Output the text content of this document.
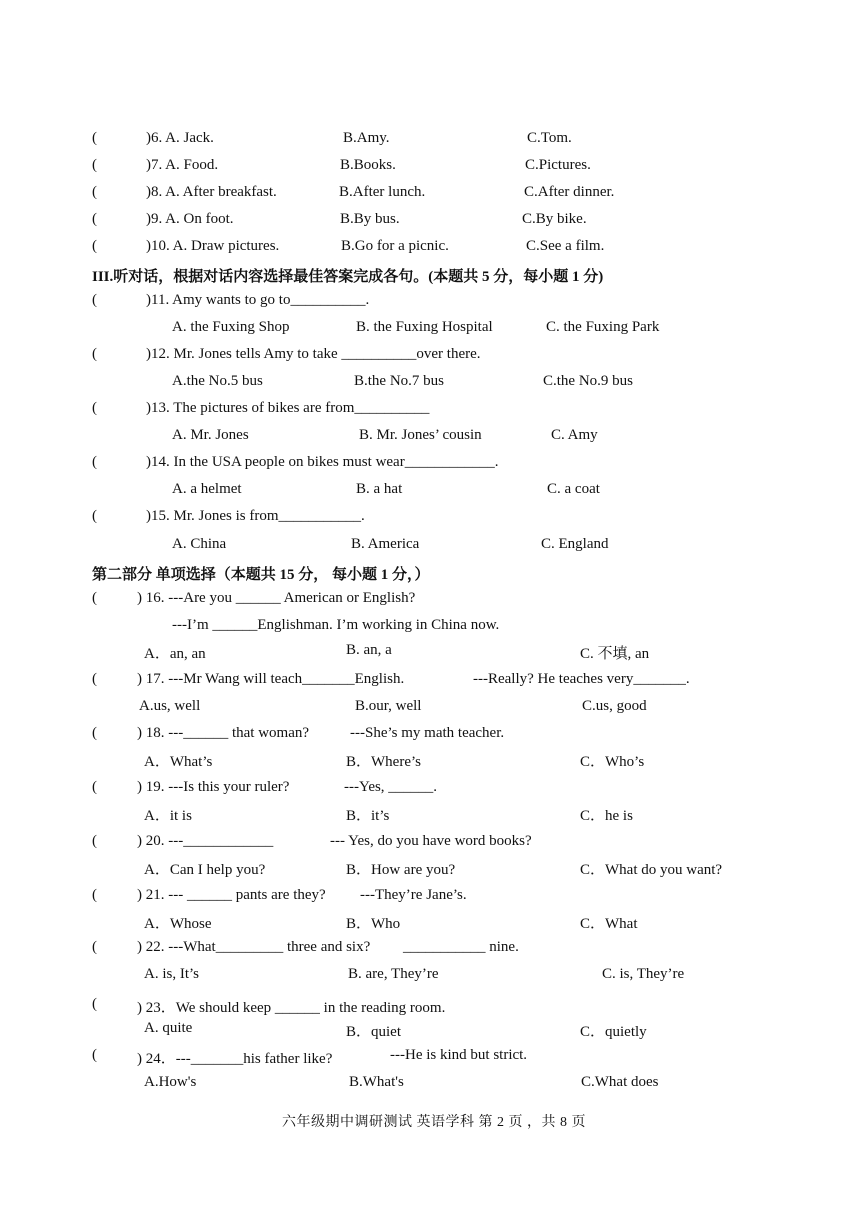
(	)6. A. Jack.	B.Amy.	C.Tom.
(	)7. A. Food.	B.Books.	C.Pictures.
(	)8. A. After breakfast.	B.After lunch.	C.After dinner.
(	)9. A. On foot.	B.By bus.	C.By bike.
(	)10. A. Draw pictures.	B.Go for a picnic.	C.See a film.
III.听对话，根据对话内容选择最佳答案完成各句。(本题共 5 分，每小题 1 分)
(	)11. Amy wants to go to__________.
A. the Fuxing Shop	B. the Fuxing Hospital	C. the Fuxing Park
(	)12. Mr. Jones tells Amy to take __________over there.
A.the No.5 bus	B.the No.7 bus	C.the No.9 bus
(	)13. The pictures of bikes are from__________
A. Mr. Jones	B. Mr. Jones’ cousin	C. Amy
(	)14. In the USA people on bikes must wear____________.
A. a helmet	B. a hat	C. a coat
(	)15. Mr. Jones is from___________.
A. China	B. America	C. England
第二部分 单项选择（本题共 15 分， 每小题 1 分，）
(	) 16. ---Are you ______ American or English?
---I’m ______Englishman. I’m working in China now.
A．an, an	B. an, a	C. 不填, an
(	) 17. ---Mr Wang will teach_______English.	---Really? He teaches very_______.
A.us, well	B.our, well	C.us, good
(	) 18. ---______ that woman?	---She’s my math teacher.
A．What’s	B．Where’s	C．Who’s
(	) 19. ---Is this your ruler?	---Yes, ______.
A．it is	B．it’s	C．he is
(	) 20. ---____________	--- Yes, do you have word books?
A．Can I help you?	B．How are you?	C．What do you want?
(	) 21. --- ______ pants are they? ---They’re Jane’s.
A．Whose	B．Who	C．What
(	) 22. ---What_________ three and six? ___________ nine.
A. is, It’s	B. are, They’re	C. is, They’re
(	) 23．We should keep ______ in the reading room.
A. quite	B．quiet	C．quietly
(	) 24．---_______his father like?	---He is kind but strict.
A.How's	B.What's	C.What does
六年级期中调研测试 英语学科 第 2 页 ，共 8 页
